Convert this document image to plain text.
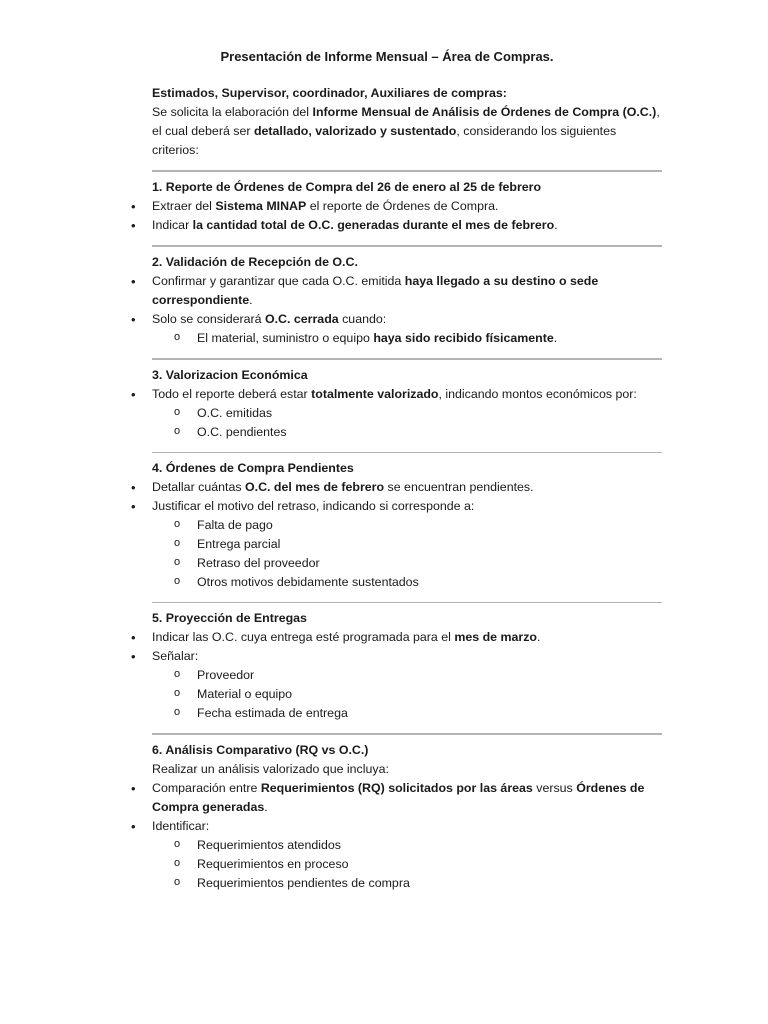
Presentación de Informe Mensual – Área de Compras.

Estimados, Supervisor, coordinador, Auxiliares de compras:

Se solicita la elaboración del Informe Mensual de Análisis de Órdenes de Compra (O.C.), el cual deberá ser detallado, valorizado y sustentado, considerando los siguientes criterios:

1. Reporte de Órdenes de Compra del 26 de enero al 25 de febrero

• Extraer del Sistema MINAP el reporte de Órdenes de Compra.
• Indicar la cantidad total de O.C. generadas durante el mes de febrero.

2. Validación de Recepción de O.C.

• Confirmar y garantizar que cada O.C. emitida haya llegado a su destino o sede correspondiente.
• Solo se considerará O.C. cerrada cuando:
o El material, suministro o equipo haya sido recibido físicamente.

3. Valorizacion Económica

• Todo el reporte deberá estar totalmente valorizado, indicando montos económicos por:
o O.C. emitidas
o O.C. pendientes

4. Órdenes de Compra Pendientes

• Detallar cuántas O.C. del mes de febrero se encuentran pendientes.
• Justificar el motivo del retraso, indicando si corresponde a:
o Falta de pago
o Entrega parcial
o Retraso del proveedor
o Otros motivos debidamente sustentados

5. Proyección de Entregas

• Indicar las O.C. cuya entrega esté programada para el mes de marzo.
• Señalar:
o Proveedor
o Material o equipo
o Fecha estimada de entrega

6. Análisis Comparativo (RQ vs O.C.)

Realizar un análisis valorizado que incluya:

• Comparación entre Requerimientos (RQ) solicitados por las áreas versus Órdenes de Compra generadas.
• Identificar:
o Requerimientos atendidos
o Requerimientos en proceso
o Requerimientos pendientes de compra
